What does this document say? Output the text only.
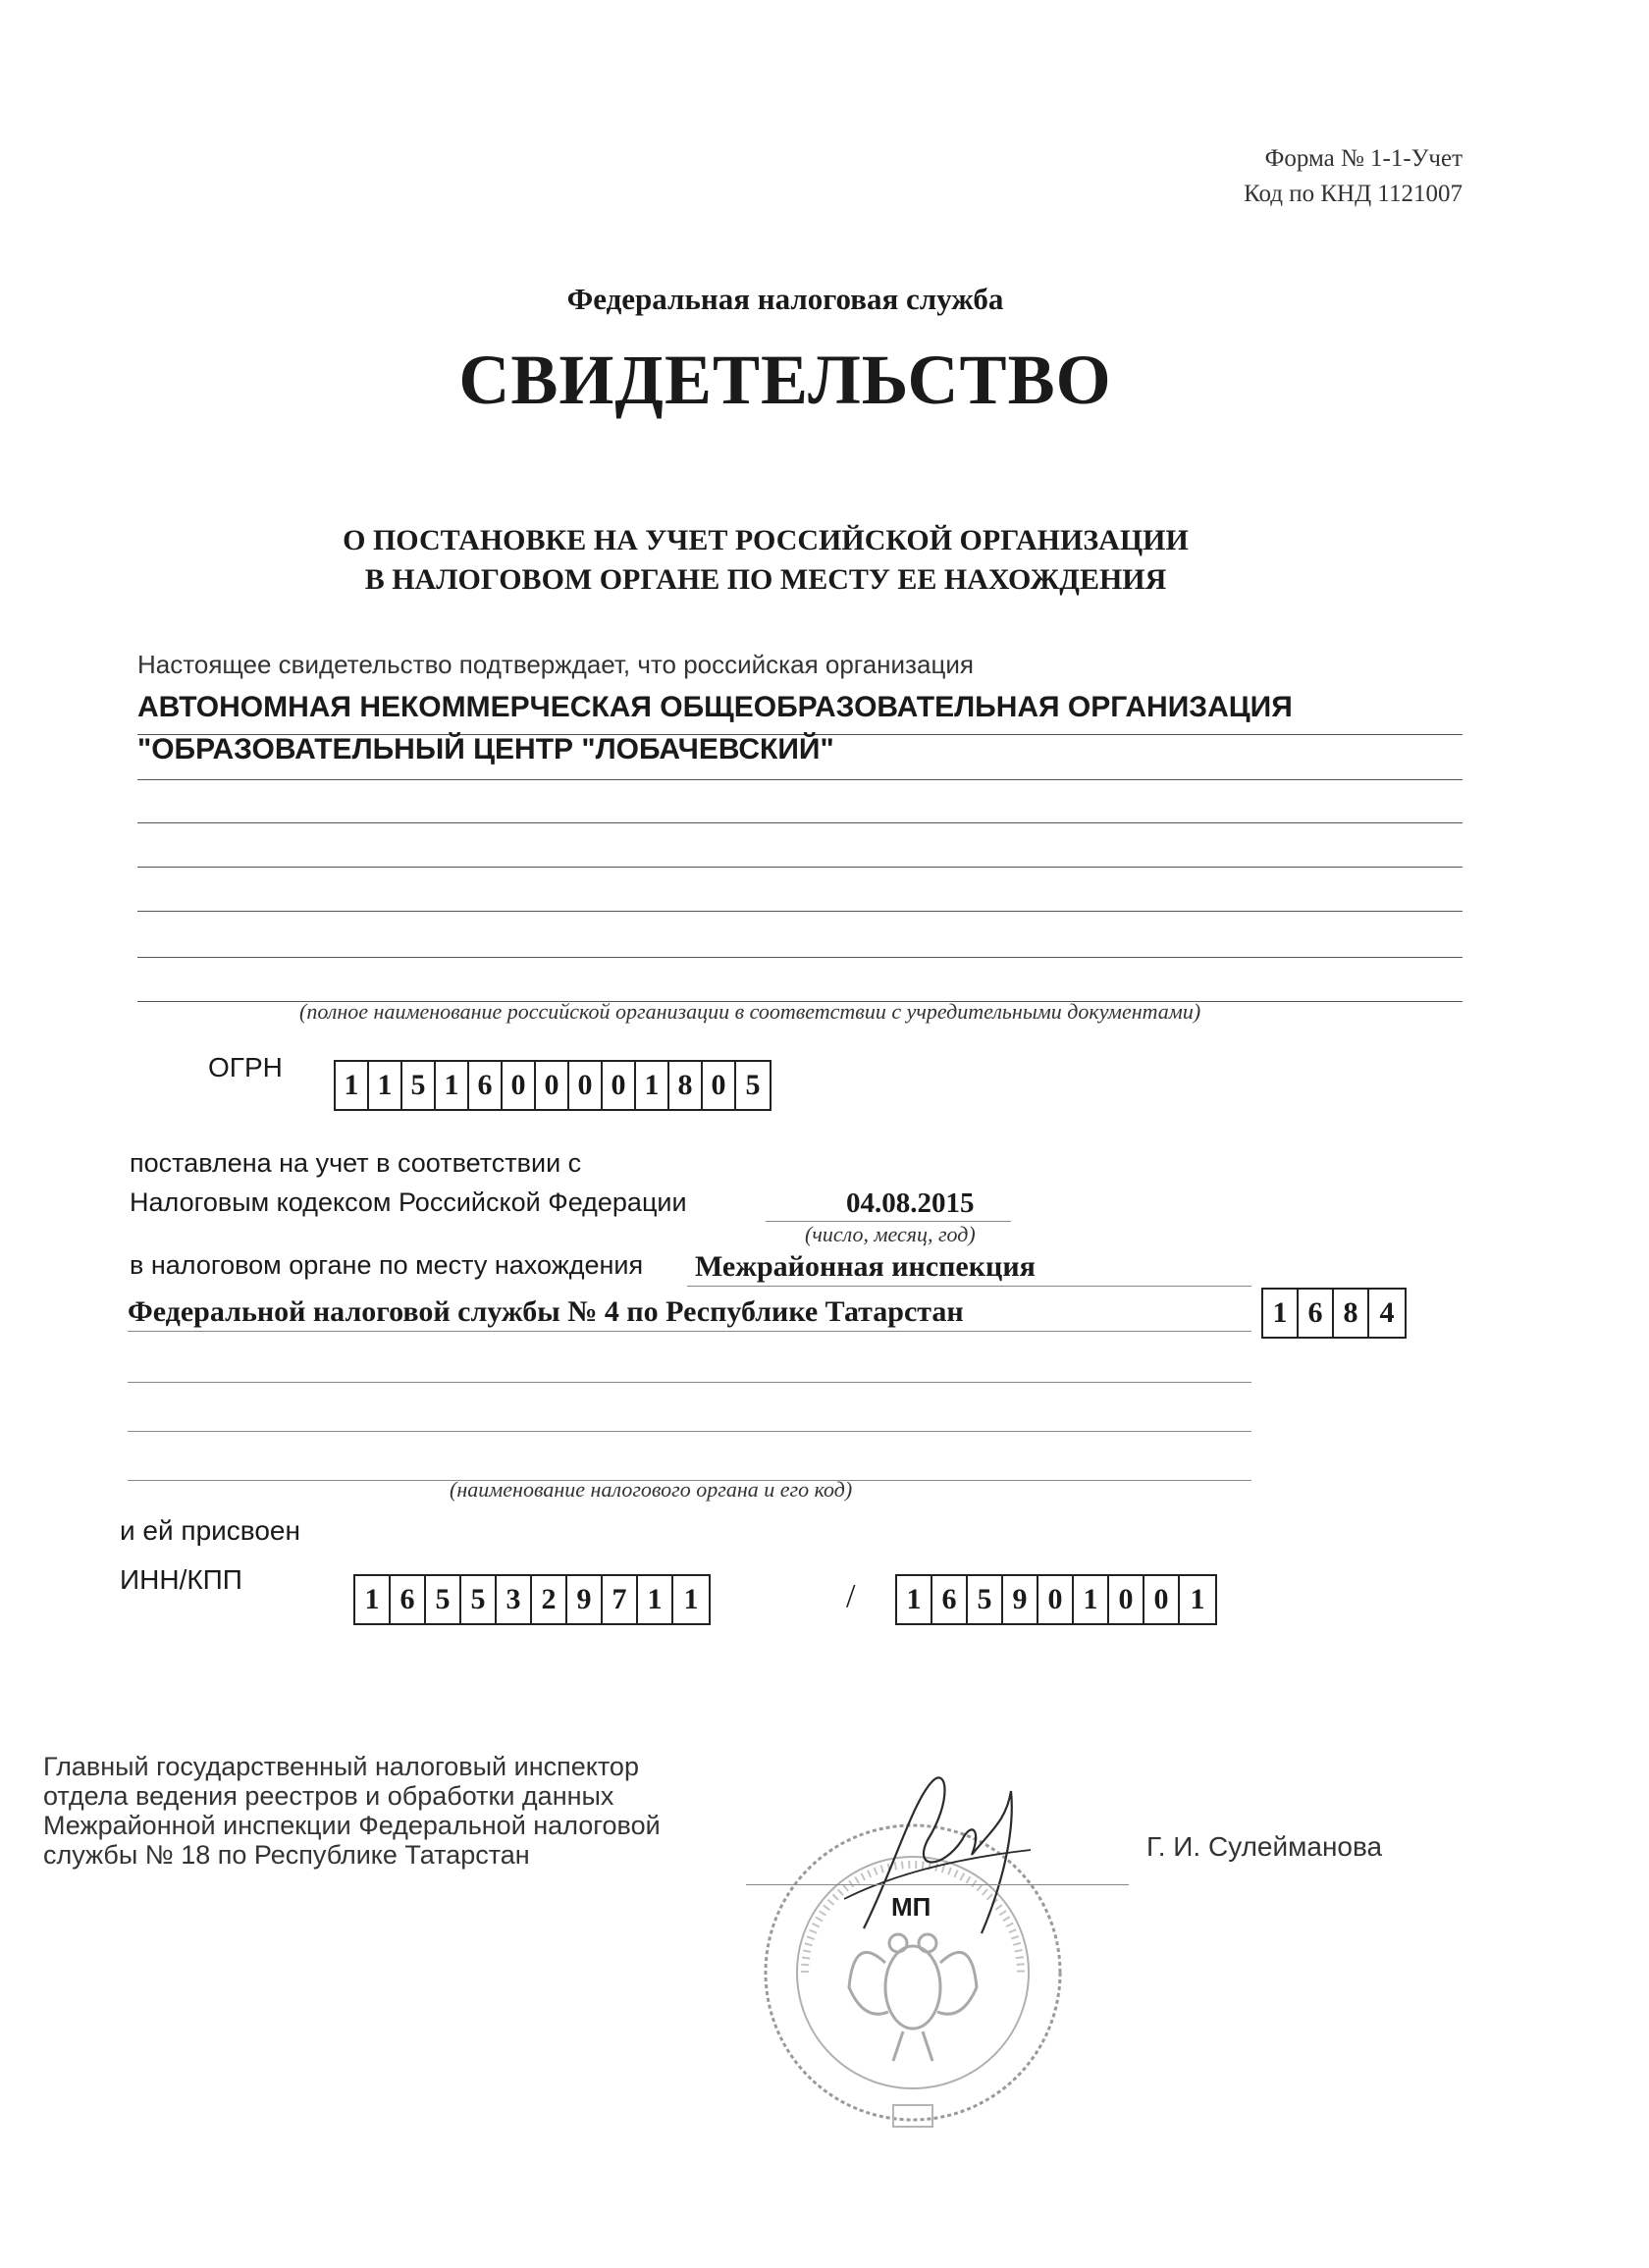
Форма № 1-1-Учет
Код по КНД 1121007
Федеральная налоговая служба
СВИДЕТЕЛЬСТВО
О ПОСТАНОВКЕ НА УЧЕТ РОССИЙСКОЙ ОРГАНИЗАЦИИ
В НАЛОГОВОМ ОРГАНЕ ПО МЕСТУ ЕЕ НАХОЖДЕНИЯ
Настоящее свидетельство подтверждает, что российская организация
АВТОНОМНАЯ НЕКОММЕРЧЕСКАЯ ОБЩЕОБРАЗОВАТЕЛЬНАЯ ОРГАНИЗАЦИЯ
"ОБРАЗОВАТЕЛЬНЫЙ ЦЕНТР "ЛОБАЧЕВСКИЙ"
(полное наименование российской организации в соответствии с учредительными документами)
ОГРН
1 1 5 1 6 0 0 0 0 1 8 0 5
поставлена на учет в соответствии с
Налоговым кодексом Российской Федерации	04.08.2015
(число, месяц, год)
в налоговом органе по месту нахождения Межрайонная инспекция
Федеральной налоговой службы № 4 по Республике Татарстан	1 6 8 4
(наименование налогового органа и его код)
и ей присвоен
ИНН/КПП
1 6 5 5 3 2 9 7 1 1	/	1 6 5 9 0 1 0 0 1
Главный государственный налоговый инспектор
отдела ведения реестров и обработки данных
Межрайонной инспекции Федеральной налоговой
службы № 18 по Республике Татарстан
МП
Г. И. Сулейманова
